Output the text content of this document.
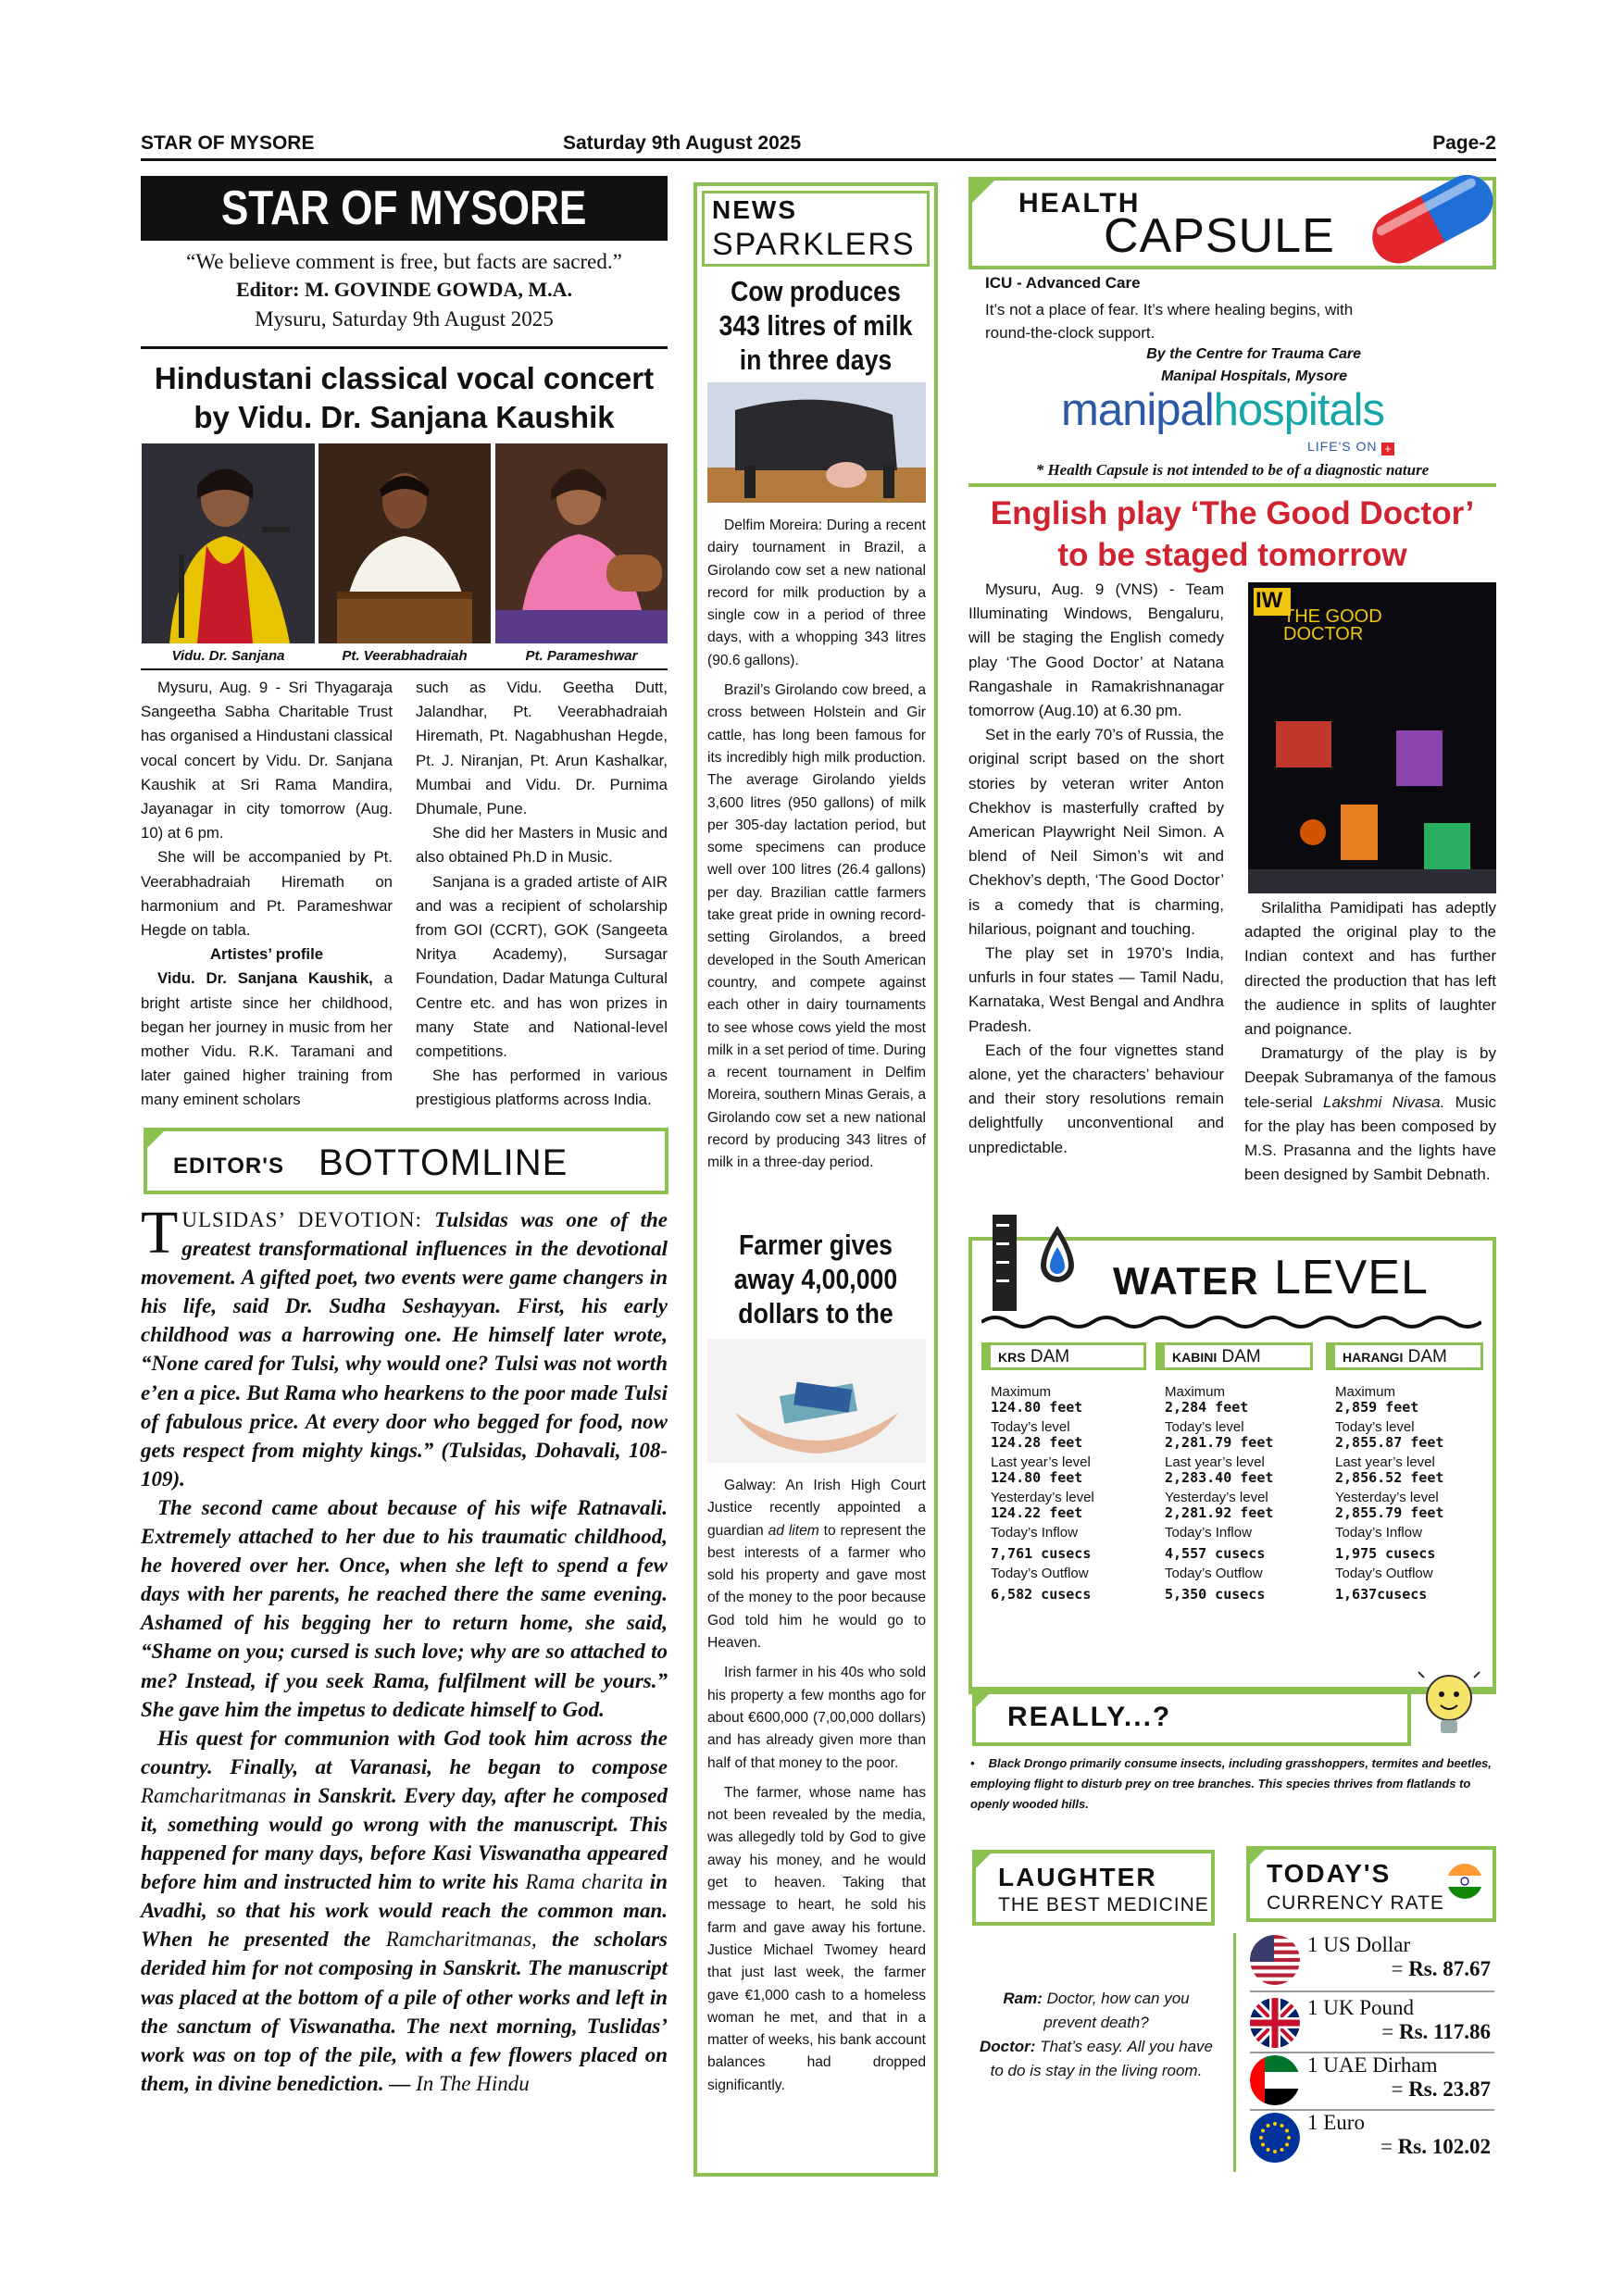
STAR OF MYSORE	Saturday 9th August 2025	Page-2
STAR OF MYSORE
“We believe comment is free, but facts are sacred.”
Editor: M. GOVINDE GOWDA, M.A.
Mysuru, Saturday 9th August 2025
Hindustani classical vocal concert
by Vidu. Dr. Sanjana Kaushik
Vidu. Dr. Sanjana	Pt. Veerabhadraiah	Pt. Parameshwar

Mysuru, Aug. 9 - Sri Thyagaraja Sangeetha Sabha Charitable Trust has organised a Hindustani classical vocal concert by Vidu. Dr. Sanjana Kaushik at Sri Rama Mandira, Jayanagar in city tomorrow (Aug. 10) at 6 pm.

She will be accompanied by Pt. Veerabhadraiah Hiremath on harmonium and Pt. Parameshwar Hegde on tabla.

Artistes’ profile

Vidu. Dr. Sanjana Kaushik, a bright artiste since her childhood, began her journey in music from her mother Vidu. R.K. Taramani and later gained higher training from many eminent scholars

such as Vidu. Geetha Dutt, Jalandhar, Pt. Veerabhadraiah Hiremath, Pt. Nagabhushan Hegde, Pt. J. Niranjan, Pt. Arun Kashalkar, Mumbai and Vidu. Dr. Purnima Dhumale, Pune.

She did her Masters in Music and also obtained Ph.D in Music.

Sanjana is a graded artiste of AIR and was a recipient of scholarship from GOI (CCRT), GOK (Sangeeta Nritya Academy), Sursagar Foundation, Dadar Matunga Cultural Centre etc. and has won prizes in many State and National-level competitions.

She has performed in various prestigious platforms across India.

EDITOR'S BOTTOMLINE
T ULSIDAS’ DEVOTION: Tulsidas was one of the greatest transformational influences in the devotional movement. A gifted poet, two events were game changers in his life, said Dr. Sudha Seshayyan. First, his early childhood was a harrowing one. He himself later wrote, “None cared for Tulsi, why would one? Tulsi was not worth e’en a pice. But Rama who hearkens to the poor made Tulsi of fabulous price. At every door who begged for food, now gets respect from mighty kings.” (Tulsidas, Dohavali, 108-109).

The second came about because of his wife Ratnavali. Extremely attached to her due to his traumatic childhood, he hovered over her. Once, when she left to spend a few days with her parents, he reached there the same evening. Ashamed of his begging her to return home, she said, “Shame on you; cursed is such love; why are so attached to me? Instead, if you seek Rama, fulfilment will be yours.” She gave him the impetus to dedicate himself to God.

His quest for communion with God took him across the country. Finally, at Varanasi, he began to compose Ramcharitmanas in Sanskrit. Every day, after he composed it, something would go wrong with the manuscript. This happened for many days, before Kasi Viswanatha appeared before him and instructed him to write his Rama charita in Avadhi, so that his work would reach the common man. When he presented the Ramcharitmanas, the scholars derided him for not composing in Sanskrit. The manuscript was placed at the bottom of a pile of other works and left in the sanctum of Viswanatha. The next morning, Tuslidas’ work was on top of the pile, with a few flowers placed on them, in divine benediction. — In The Hindu

NEWS
SPARKLERS
Cow produces 343 litres of milk in three days

Delfim Moreira: During a recent dairy tournament in Brazil, a Girolando cow set a new national record for milk production by a single cow in a period of three days, with a whopping 343 litres (90.6 gallons).

Brazil’s Girolando cow breed, a cross between Holstein and Gir cattle, has long been famous for its incredibly high milk production. The average Girolando yields 3,600 litres (950 gallons) of milk per 305-day lactation period, but some specimens can produce well over 100 litres (26.4 gallons) per day. Brazilian cattle farmers take great pride in owning record-setting Girolandos, a breed developed in the South American country, and compete against each other in dairy tournaments to see whose cows yield the most milk in a set period of time. During a recent tournament in Delfim Moreira, southern Minas Gerais, a Girolando cow set a new national record by producing 343 litres of milk in a three-day period.

Farmer gives away 4,00,000 dollars to the

Galway: An Irish High Court Justice recently appointed a guardian ad litem to represent the best interests of a farmer who sold his property and gave most of the money to the poor because God told him he would go to Heaven.

Irish farmer in his 40s who sold his property a few months ago for about €600,000 (7,00,000 dollars) and has already given more than half of that money to the poor.

The farmer, whose name has not been revealed by the media, was allegedly told by God to give away his money, and he would get to heaven. Taking that message to heart, he sold his farm and gave away his fortune. Justice Michael Twomey heard that just last week, the farmer gave €1,000 cash to a homeless woman he met, and that in a matter of weeks, his bank account balances had dropped significantly.

HEALTH
CAPSULE
ICU - Advanced Care
It’s not a place of fear. It’s where healing begins, with round-the-clock support.
By the Centre for Trauma Care
Manipal Hospitals, Mysore
manipalhospitals
LIFE'S ON +
* Health Capsule is not intended to be of a diagnostic nature
English play ‘The Good Doctor’
to be staged tomorrow
IW
THE GOOD DOCTOR

Mysuru, Aug. 9 (VNS) - Team Illuminating Windows, Bengaluru, will be staging the English comedy play ‘The Good Doctor’ at Natana Rangashale in Ramakrishnanagar tomorrow (Aug.10) at 6.30 pm.

Set in the early 70’s of Russia, the original script based on the short stories by veteran writer Anton Chekhov is masterfully crafted by American Playwright Neil Simon. A blend of Neil Simon’s wit and Chekhov’s depth, ‘The Good Doctor’ is a comedy that is charming, hilarious, poignant and touching.

The play set in 1970’s India, unfurls in four states — Tamil Nadu, Karnataka, West Bengal and Andhra Pradesh.

Each of the four vignettes stand alone, yet the characters’ behaviour and their story resolutions remain delightfully unconventional and unpredictable.

Srilalitha Pamidipati has adeptly adapted the original play to the Indian context and has further directed the production that has left the audience in splits of laughter and poignance.

Dramaturgy of the play is by Deepak Subramanya of the famous tele-serial Lakshmi Nivasa. Music for the play has been composed by M.S. Prasanna and the lights have been designed by Sambit Debnath.

WATER LEVEL
KRS DAM
Maximum
124.80 feet
Today’s level
124.28 feet
Last year’s level
124.80 feet
Yesterday’s level
124.22 feet
Today’s Inflow
7,761 cusecs
Today’s Outflow
6,582 cusecs
KABINI DAM
Maximum
2,284 feet
Today’s level
2,281.79 feet
Last year’s level
2,283.40 feet
Yesterday’s level
2,281.92 feet
Today’s Inflow
4,557 cusecs
Today’s Outflow
5,350 cusecs
HARANGI DAM
Maximum
2,859 feet
Today’s level
2,855.87 feet
Last year’s level
2,856.52 feet
Yesterday’s level
2,855.79 feet
Today’s Inflow
1,975 cusecs
Today’s Outflow
1,637cusecs
REALLY...?
• Black Drongo primarily consume insects, including grasshoppers, termites and beetles, employing flight to disturb prey on tree branches. This species thrives from flatlands to openly wooded hills.
LAUGHTER
THE BEST MEDICINE
Ram: Doctor, how can you prevent death?
Doctor: That’s easy. All you have to do is stay in the living room.
TODAY'S
CURRENCY RATE
1 US Dollar
= Rs. 87.67
1 UK Pound
= Rs. 117.86
1 UAE Dirham
= Rs. 23.87
1 Euro
= Rs. 102.02
